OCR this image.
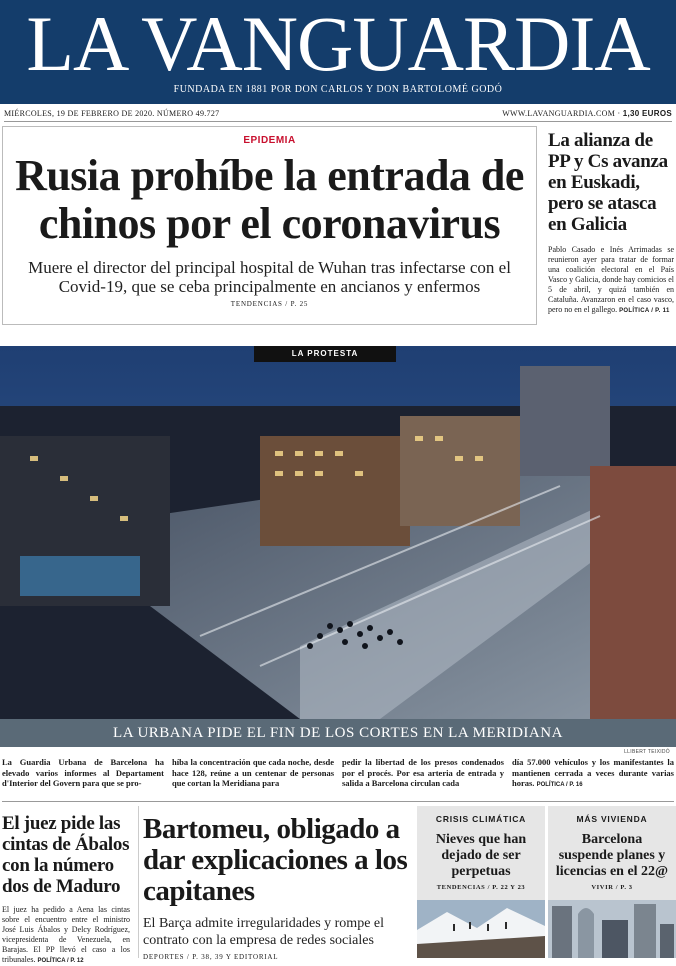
LA VANGUARDIA
FUNDADA EN 1881 POR DON CARLOS Y DON BARTOLOMÉ GODÓ
MIÉRCOLES, 19 DE FEBRERO DE 2020. NÚMERO 49.727	WWW.LAVANGUARDIA.COM · 1,30 EUROS
EPIDEMIA
Rusia prohíbe la entrada de chinos por el coronavirus

Muere el director del principal hospital de Wuhan tras infectarse con el Covid-19, que se ceba principalmente en ancianos y enfermos

TENDENCIAS / P. 25
La alianza de PP y Cs avanza en Euskadi, pero se atasca en Galicia

Pablo Casado e Inés Arrimadas se reunieron ayer para tratar de formar una coalición electoral en el País Vasco y Galicia, donde hay comicios el 5 de abril, y quizá también en Cataluña. Avanzaron en el caso vasco, pero no en el gallego. POLÍTICA / P. 11

LA PROTESTA
LA URBANA PIDE EL FIN DE LOS CORTES EN LA MERIDIANA
LLIBERT TEIXIDÓ

La Guardia Urbana de Barcelona ha elevado varios informes al Departament d'Interior del Govern para que se pro-

híba la concentración que cada noche, desde hace 128, reúne a un centenar de personas que cortan la Meridiana para

pedir la libertad de los presos condenados por el procés. Por esa arteria de entrada y salida a Barcelona circulan cada

día 57.000 vehículos y los manifestantes la mantienen cerrada a veces durante varias horas. POLÍTICA / P. 16

El juez pide las cintas de Ábalos con la número dos de Maduro

El juez ha pedido a Aena las cintas sobre el encuentro entre el ministro José Luis Ábalos y Delcy Rodríguez, vicepresidenta de Venezuela, en Barajas. El PP llevó el caso a los tribunales. POLÍTICA / P. 12

Bartomeu, obligado a dar explicaciones a los capitanes

El Barça admite irregularidades y rompe el contrato con la empresa de redes sociales

DEPORTES / P. 38, 39 Y EDITORIAL
CRISIS CLIMÁTICA
Nieves que han dejado de ser perpetuas
TENDENCIAS / P. 22 Y 23
MÁS VIVIENDA
Barcelona suspende planes y licencias en el 22@
VIVIR / P. 3
